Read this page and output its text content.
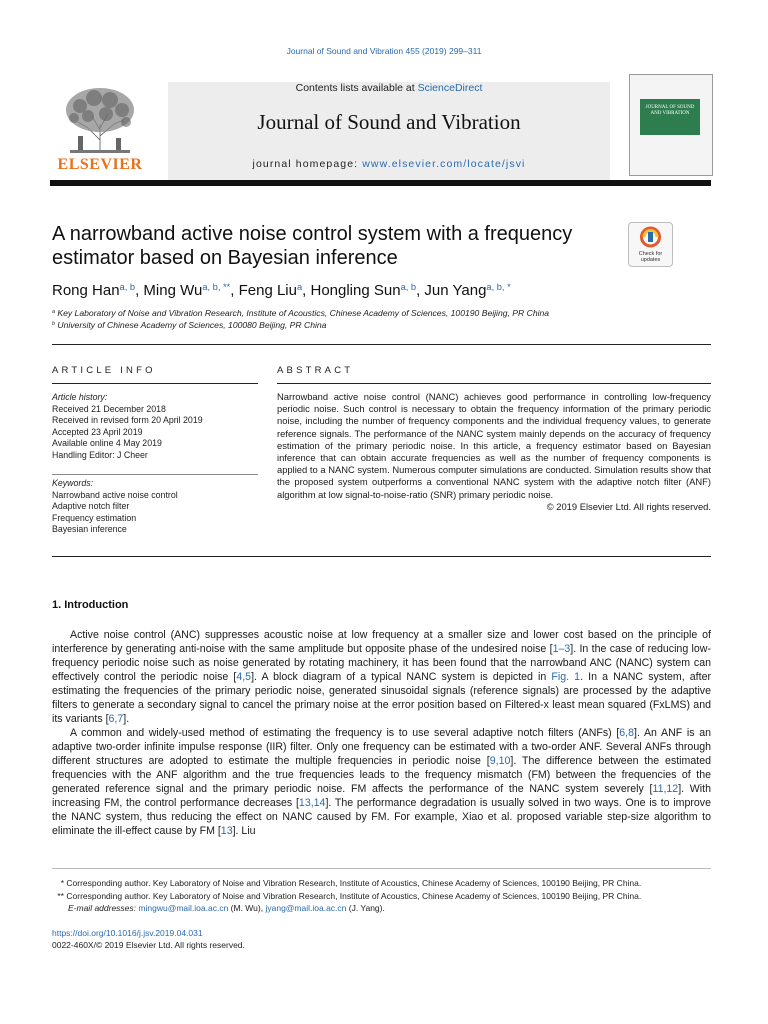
Journal of Sound and Vibration 455 (2019) 299–311
Contents lists available at ScienceDirect
Journal of Sound and Vibration
journal homepage: www.elsevier.com/locate/jsvi
ELSEVIER
JOURNAL OF SOUND AND VIBRATION
A narrowband active noise control system with a frequency estimator based on Bayesian inference	Check for updates
Rong Han$^{a, b}$, Ming $Wu^{a, b, **}$, Feng Liu$^a$, Hongling Sun$^{a, b}$, Jun Yang$^{a, b, *}$
$^a$ Key Laboratory of Noise and Vibration Research, Institute of Acoustics, Chinese Academy of Sciences, 100190 Beijing, PR China
$^b$ University of Chinese Academy of Sciences, 100080 Beijing, PR China
ARTICLE INFO
Article history:
Received 21 December 2018
Received in revised form 20 April 2019
Accepted 23 April 2019
Available online 4 May 2019
Handling Editor: J Cheer
Keywords:
Narrowband active noise control
Adaptive notch filter
Frequency estimation
Bayesian inference
ABSTRACT
Narrowband active noise control (NANC) achieves good performance in controlling low-frequency periodic noise. Such control is necessary to obtain the frequency information of the primary periodic noise, including the number of frequency components and the individual frequency values, to generate reference signals. The performance of the NANC system mainly depends on the accuracy of frequency estimation of the primary periodic noise. In this article, a frequency estimator based on Bayesian inference that can obtain accurate frequencies as well as the number of frequency components is applied to a NANC system. Numerous computer simulations are conducted. Simulation results show that the proposed system outperforms a conventional NANC system with the adaptive notch filter (ANF) algorithm at low signal-to-noise-ratio (SNR) primary periodic noise.
© 2019 Elsevier Ltd. All rights reserved.
1. Introduction

Active noise control (ANC) suppresses acoustic noise at low frequency at a smaller size and lower cost based on the principle of interference by generating anti-noise with the same amplitude but opposite phase of the undesired noise [1–3]. In the case of reducing low-frequency periodic noise such as noise generated by rotating machinery, it has been found that the narrowband ANC (NANC) system can effectively control the periodic noise [4,5]. A block diagram of a typical NANC system is depicted in Fig. 1. In a NANC system, after estimating the frequencies of the primary periodic noise, generated sinusoidal signals (reference signals) are processed by the adaptive filters to generate a secondary signal to cancel the primary noise at the error position based on Filtered-x least mean squared (FxLMS) and its variants [6,7].

A common and widely-used method of estimating the frequency is to use several adaptive notch filters (ANFs) [6,8]. An ANF is an adaptive two-order infinite impulse response (IIR) filter. Only one frequency can be estimated with a two-order ANF. Several ANFs through different structures are adopted to estimate the multiple frequencies in periodic noise [9,10]. The difference between the estimated frequencies with the ANF algorithm and the true frequencies leads to the frequency mismatch (FM) between the frequencies of the generated reference signal and the primary periodic noise. FM affects the performance of the NANC system severely [11,12]. With increasing FM, the control performance decreases [13,14]. The performance degradation is usually solved in two ways. One is to improve the NANC system, thus reducing the effect on NANC caused by FM. For example, Xiao et al. proposed variable step-size algorithm to eliminate the ill-effect cause by FM [13]. Liu

* Corresponding author. Key Laboratory of Noise and Vibration Research, Institute of Acoustics, Chinese Academy of Sciences, 100190 Beijing, PR China.
** Corresponding author. Key Laboratory of Noise and Vibration Research, Institute of Acoustics, Chinese Academy of Sciences, 100190 Beijing, PR China.
E-mail addresses: mingwu@mail.ioa.ac.cn (M. Wu), jyang@mail.ioa.ac.cn (J. Yang).
https://doi.org/10.1016/j.jsv.2019.04.031
0022-460X/© 2019 Elsevier Ltd. All rights reserved.
